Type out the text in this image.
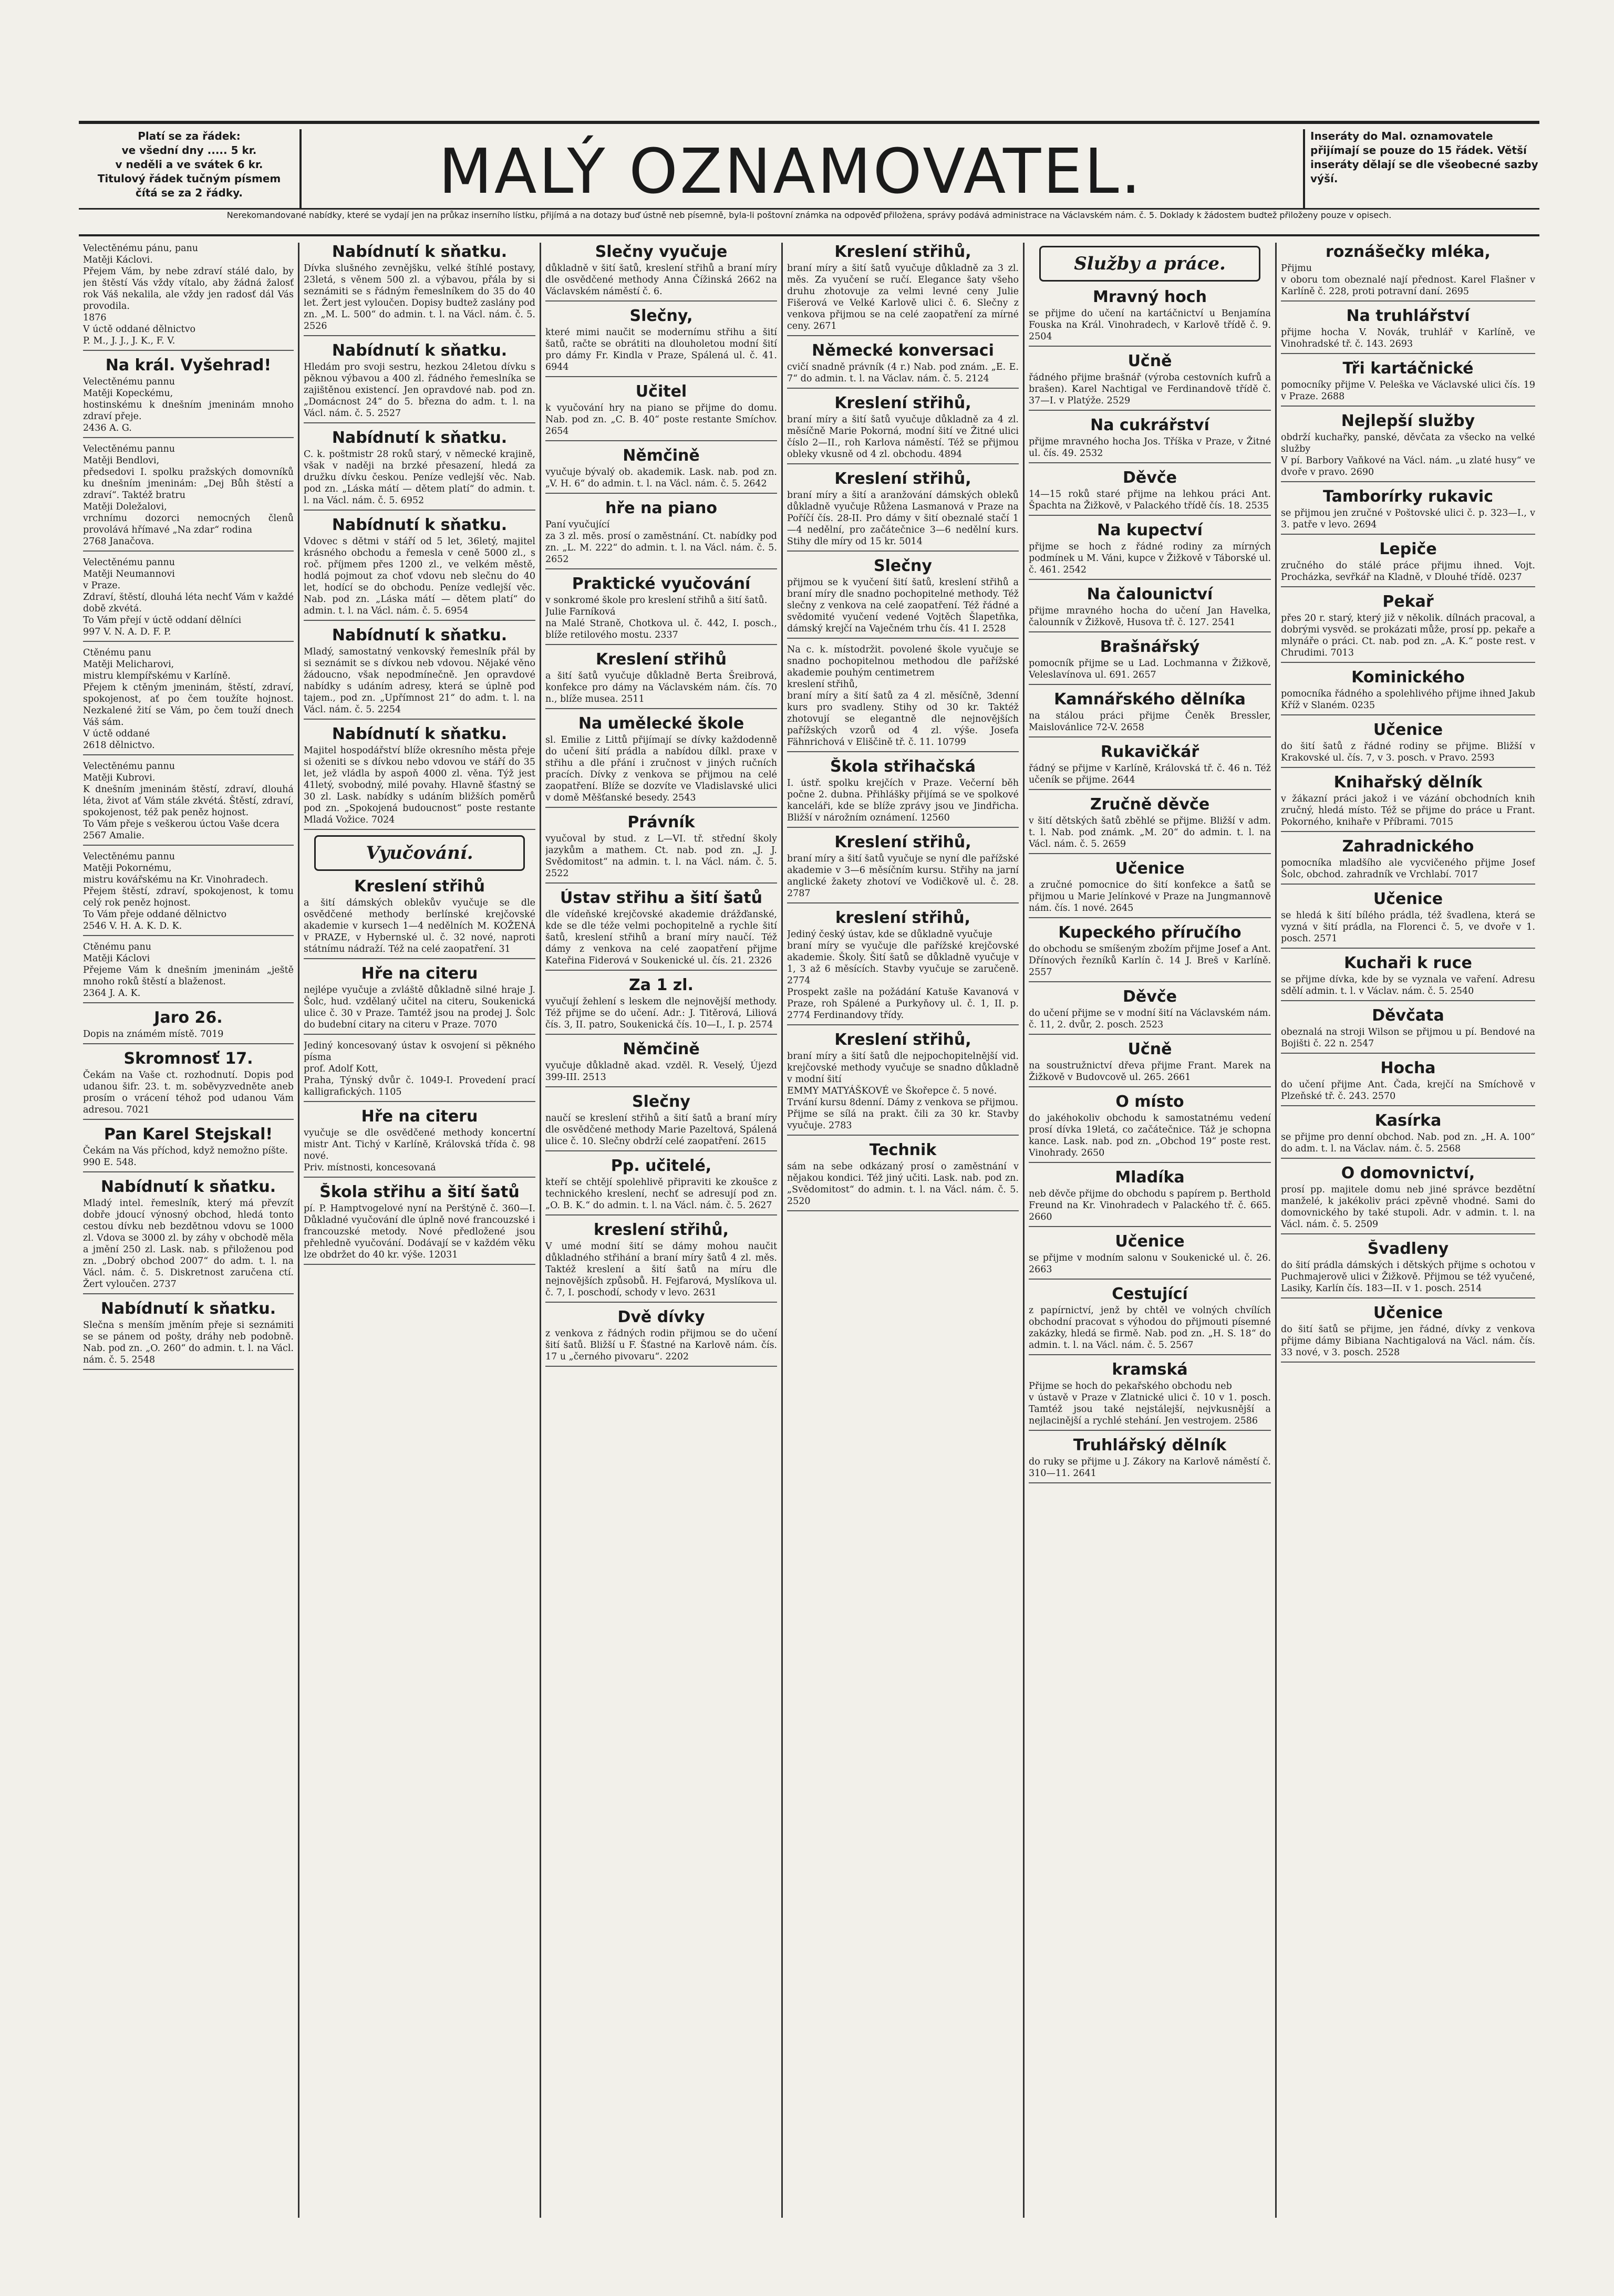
Platí se za řádek:
ve všední dny ..... 5 kr.
v neděli a ve svátek 6 kr.
Titulový řádek tučným písmem
čítá se za 2 řádky.	MALÝ OZNAMOVATEL.	Inseráty do Mal. oznamovatele přijímají se pouze do 15 řádek. Větší inseráty dělají se dle všeobecné sazby výší.
Nerekomandované nabídky, které se vydají jen na průkaz inserního lístku, přijímá a na dotazy buď ústně neb písemně, byla-li poštovní známka na odpověď přiložena, správy podává administrace na Václavském nám. č. 5. Doklady k žádostem budtež přiloženy pouze v opisech.
Velectěnému pánu, panu
Matěji Káclovi.
Přejem Vám, by nebe zdraví stálé dalo, by jen štěstí Vás vždy vítalo, aby žádná žalosť rok Váš nekalila, ale vždy jen radosť dál Vás provodila.
1876
V úctě oddané dělnictvo
P. M., J. J., J. K., F. V.
Na král. Vyšehrad!
Velectěnému pannu
Matěji Kopeckému,
hostinskému k dnešním jmeninám mnoho zdraví přeje.
2436 A. G.
Velectěnému pannu
Matěji Bendlovi,
předsedovi I. spolku pražských domovníků ku dnešním jmeninám: „Dej Bůh štěstí a zdraví“. Taktéž bratru
Matěji Doležalovi,
vrchnímu dozorci nemocných členů provolává hřímavé „Na zdar“ rodina
2768 Janačova.
Velectěnému pannu
Matěji Neumannovi
v Praze.
Zdraví, štěstí, dlouhá léta nechť Vám v každé době zkvétá.
To Vám přejí v úctě oddaní dělníci
997 V. N. A. D. F. P.
Ctěnému panu
Matěji Melicharovi,
mistru klempířskému v Karlíně.
Přejem k ctěným jmeninám, štěstí, zdraví, spokojenost, ať po čem toužíte hojnost. Nezkalené žití se Vám, po čem touží dnech Váš sám.
V úctě oddané
2618 dělnictvo.
Velectěnému pannu
Matěji Kubrovi.
K dnešním jmeninám štěstí, zdraví, dlouhá léta, život ať Vám stále zkvétá. Štěstí, zdraví, spokojenost, též pak peněz hojnost.
To Vám přeje s veškerou úctou Vaše dcera
2567 Amalie.
Velectěnému pannu
Matěji Pokornému,
mistru kovářskému na Kr. Vinohradech.
Přejem štěstí, zdraví, spokojenost, k tomu celý rok peněz hojnost.
To Vám přeje oddané dělnictvo
2546 V. H. A. K. D. K.
Ctěnému panu
Matěji Káclovi
Přejeme Vám k dnešním jmeninám „ještě mnoho roků štěstí a blaženost.
2364 J. A. K.
Jaro 26.
Dopis na známém místě. 7019
Skromnosť 17.
Čekám na Vaše ct. rozhodnutí. Dopis pod udanou šifr. 23. t. m. soběvyzvedněte aneb prosím o vrácení téhož pod udanou Vám adresou. 7021
Pan Karel Stejskal!
Čekám na Vás příchod, když nemožno píšte.
990 E. 548.
Nabídnutí k sňatku.
Mladý intel. řemeslník, který má převzít dobře jdoucí výnosný obchod, hledá tonto cestou dívku neb bezdětnou vdovu se 1000 zl. Vdova se 3000 zl. by záhy v obchodě měla a jmění 250 zl. Lask. nab. s přiloženou pod zn. „Dobrý obchod 2007“ do adm. t. l. na Václ. nám. č. 5. Diskretnost zaručena ctí. Žert vyloučen. 2737
Nabídnutí k sňatku.
Slečna s menším jměním přeje si seznámiti se se pánem od pošty, dráhy neb podobně. Nab. pod zn. „O. 260“ do admin. t. l. na Václ. nám. č. 5. 2548
Nabídnutí k sňatku.
Dívka slušného zevnějšku, velké štíhlé postavy, 23letá, s věnem 500 zl. a výbavou, přála by si seznámiti se s řádným řemeslníkem do 35 do 40 let. Žert jest vyloučen. Dopisy budtež zaslány pod zn. „M. L. 500“ do admin. t. l. na Václ. nám. č. 5. 2526
Nabídnutí k sňatku.
Hledám pro svoji sestru, hezkou 24letou dívku s pěknou výbavou a 400 zl. řádného řemeslníka se zajištěnou existencí. Jen opravdové nab. pod zn. „Domácnost 24“ do 5. března do adm. t. l. na Václ. nám. č. 5. 2527
Nabídnutí k sňatku.
C. k. poštmistr 28 roků starý, v německé krajině, však v naději na brzké přesazení, hledá za družku dívku českou. Peníze vedlejší věc. Nab. pod zn. „Láska mátí — dětem platí“ do admin. t. l. na Václ. nám. č. 5. 6952
Nabídnutí k sňatku.
Vdovec s dětmi v stáří od 5 let, 36letý, majitel krásného obchodu a řemesla v ceně 5000 zl., s roč. příjmem přes 1200 zl., ve velkém městě, hodlá pojmout za choť vdovu neb slečnu do 40 let, hodící se do obchodu. Peníze vedlejší věc. Nab. pod zn. „Láska mátí — dětem platí“ do admin. t. l. na Václ. nám. č. 5. 6954
Nabídnutí k sňatku.
Mladý, samostatný venkovský řemeslník přál by si seznámit se s dívkou neb vdovou. Nějaké věno žádoucno, však nepodmínečně. Jen opravdové nabídky s udáním adresy, která se úplně pod tajem., pod zn. „Upřímnost 21“ do adm. t. l. na Václ. nám. č. 5. 2254
Nabídnutí k sňatku.
Majitel hospodářství blíže okresního města přeje si oženiti se s dívkou nebo vdovou ve stáří do 35 let, jež vládla by aspoň 4000 zl. věna. Týž jest 41letý, svobodný, milé povahy. Hlavně šťastný se 30 zl. Lask. nabídky s udáním bližších poměrů pod zn. „Spokojená budoucnost“ poste restante Mladá Vožice. 7024
Vyučování.
Kreslení střihů
a šití dámských oblekův vyučuje se dle osvědčené methody berlínské krejčovské akademie v kursech 1—4 nedělních M. KOŽENÁ v PRAZE, v Hybernské ul. č. 32 nové, naproti státnímu nádraží. Též na celé zaopatření. 31
Hře na citeru
nejlépe vyučuje a zvláště důkladně silné hraje J. Šolc, hud. vzdělaný učitel na citeru, Soukenická ulice č. 30 v Praze. Tamtéž jsou na prodej J. Šolc do budební citary na citeru v Praze. 7070
Jediný koncesovaný ústav k osvojení si pěkného písma
prof. Adolf Kott,
Praha, Týnský dvůr č. 1049-I. Provedení prací kalligrafických. 1105
Hře na citeru
vyučuje se dle osvědčené methody koncertní mistr Ant. Tichý v Karlíně, Královská třída č. 98 nové.
Priv. místnosti, koncesovaná
Škola střihu a šití šatů
pí. P. Hamptvogelové nyní na Perštýně č. 360—I. Důkladné vyučování dle úplně nové francouzské i francouzské metody. Nové předložené jsou přehledně vyučování. Dodávají se v každém věku lze obdržet do 40 kr. výše. 12031
Slečny vyučuje
důkladně v šití šatů, kreslení střihů a braní míry dle osvědčené methody Anna Čížinská 2662 na Václavském náměstí č. 6.
Slečny,
které mimi naučit se modernímu střihu a šití šatů, račte se obrátiti na dlouholetou modní šití pro dámy Fr. Kindla v Praze, Spálená ul. č. 41. 6944
Učitel
k vyučování hry na piano se přijme do domu. Nab. pod zn. „C. B. 40“ poste restante Smíchov. 2654
Němčině
vyučuje bývalý ob. akademik. Lask. nab. pod zn. „V. H. 6“ do admin. t. l. na Václ. nám. č. 5. 2642
hře na piano
Paní vyučující
za 3 zl. měs. prosí o zaměstnání. Ct. nabídky pod zn. „L. M. 222“ do admin. t. l. na Václ. nám. č. 5. 2652
Praktické vyučování
v sonkromé škole pro kreslení střihů a šití šatů.
Julie Farníková
na Malé Straně, Chotkova ul. č. 442, I. posch., blíže retilového mostu. 2337
Kreslení střihů
a šití šatů vyučuje důkladně Berta Šreibrová, konfekce pro dámy na Václavském nám. čís. 70 n., blíže musea. 2511
Na umělecké škole
sl. Emilie z Littů přijímají se dívky každodenně do učení šití prádla a nabídou dílkl. praxe v střihu a dle přání i zručnost v jiných ručních pracích. Dívky z venkova se přijmou na celé zaopatření. Blíže se dozvíte ve Vladislavské ulici v domě Měšťanské besedy. 2543
Právník
vyučoval by stud. z L—VI. tř. střední školy jazykům a mathem. Ct. nab. pod zn. „J. J. Svědomitost“ na admin. t. l. na Václ. nám. č. 5. 2522
Ústav střihu a šití šatů
dle vídeňské krejčovské akademie drážďanské, kde se dle téže velmi pochopitelně a rychle šití šatů, kreslení střihů a braní míry naučí. Též dámy z venkova na celé zaopatření přijme Kateřina Fiderová v Soukenické ul. čís. 21. 2326
Za 1 zl.
vyučují žehlení s leskem dle nejnovější methody. Též přijme se do učení. Adr.: J. Titěrová, Liliová čís. 3, II. patro, Soukenická čís. 10—I., I. p. 2574
Němčině
vyučuje důkladně akad. vzděl. R. Veselý, Újezd 399-III. 2513
Slečny
naučí se kreslení střihů a šití šatů a braní míry dle osvědčené methody Marie Pazeltová, Spálená ulice č. 10. Slečny obdrží celé zaopatření. 2615
Pp. učitelé,
kteří se chtějí spolehlivě připraviti ke zkoušce z technického kreslení, nechť se adresují pod zn. „O. B. K.“ do admin. t. l. na Václ. nám. č. 5. 2627
kreslení střihů,
V umé modní šití se dámy mohou naučit důkladného střihání a braní míry šatů 4 zl. měs. Taktéž kreslení a šití šatů na míru dle nejnovějších způsobů. H. Fejfarová, Myslíkova ul. č. 7, I. poschodí, schody v levo. 2631
Dvě dívky
z venkova z řádných rodin přijmou se do učení šití šatů. Bližší u F. Šťastné na Karlově nám. čís. 17 u „černého pivovaru“. 2202
Kreslení střihů,
braní míry a šití šatů vyučuje důkladně za 3 zl. měs. Za vyučení se ručí. Elegance šaty všeho druhu zhotovuje za velmi levné ceny Julie Fišerová ve Velké Karlově ulici č. 6. Slečny z venkova přijmou se na celé zaopatření za mírné ceny. 2671
Německé konversaci
cvičí snadně právník (4 r.) Nab. pod znám. „E. E. 7“ do admin. t. l. na Václav. nám. č. 5. 2124
Kreslení střihů,
braní míry a šití šatů vyučuje důkladně za 4 zl. měsíčně Marie Pokorná, modní šití ve Žitné ulici číslo 2—II., roh Karlova náměstí. Též se přijmou obleky vkusně od 4 zl. obchodu. 4894
Kreslení střihů,
braní míry a šití a aranžování dámských obleků důkladně vyučuje Růžena Lasmanová v Praze na Poříčí čís. 28-II. Pro dámy v šití obeznalé stačí 1—4 nedělní, pro začátečnice 3—6 nedělní kurs. Stihy dle míry od 15 kr. 5014
Slečny
přijmou se k vyučení šití šatů, kreslení střihů a braní míry dle snadno pochopitelné methody. Též slečny z venkova na celé zaopatření. Též řádné a svědomité vyučení vedené Vojtěch Šlapetňka, dámský krejčí na Vaječném trhu čís. 41 I. 2528
Na c. k. místodržit. povolené škole vyučuje se snadno pochopitelnou methodou dle pařížské akademie pouhým centimetrem
kreslení střihů,
braní míry a šití šatů za 4 zl. měsíčně, 3denní kurs pro svadleny. Stihy od 30 kr. Taktéž zhotovují se elegantně dle nejnovějších pařížských vzorů od 4 zl. výše. Josefa Fähnrichová v Eliščině tř. č. 11. 10799
Škola střihačská
I. ústř. spolku krejčích v Praze. Večerní běh počne 2. dubna. Přihlášky přijímá se ve spolkové kanceláři, kde se blíže zprávy jsou ve Jindřicha. Bližší v nárožním oznámení. 12560
Kreslení střihů,
braní míry a šití šatů vyučuje se nyní dle pařížské akademie v 3—6 měsíčním kursu. Střihy na jarní anglické žakety zhotoví ve Vodičkově ul. č. 28. 2787
kreslení střihů,
Jediný český ústav, kde se důkladně vyučuje
braní míry se vyučuje dle pařížské krejčovské akademie. Školy. Šití šatů se důkladně vyučuje v 1, 3 až 6 měsících. Stavby vyučuje se zaručeně. 2774
Prospekt zašle na požádání Katuše Kavanová v Praze, roh Spálené a Purkyňovy ul. č. 1, II. p. 2774 Ferdinandovy třídy.
Kreslení střihů,
braní míry a šití šatů dle nejpochopitelnější vid. krejčovské methody vyučuje se snadno důkladně v modní šití
EMMY MATYÁŠKOVÉ ve Škořepce č. 5 nové.
Trvání kursu 8denní. Dámy z venkova se přijmou.
Přijme se sílá na prakt. čili za 30 kr. Stavby vyučuje. 2783
Technik
sám na sebe odkázaný prosí o zaměstnání v nějakou kondici. Též jiný učiti. Lask. nab. pod zn. „Svědomitost“ do admin. t. l. na Václ. nám. č. 5. 2520
Služby a práce.
Mravný hoch
se přijme do učení na kartáčnictví u Benjamína Fouska na Král. Vinohradech, v Karlově třídě č. 9. 2504
Učně
řádného přijme brašnář (výroba cestovních kufrů a brašen). Karel Nachtigal ve Ferdinandově třídě č. 37—I. v Platýže. 2529
Na cukrářství
přijme mravného hocha Jos. Tříška v Praze, v Žitné ul. čís. 49. 2532
Děvče
14—15 roků staré přijme na lehkou práci Ant. Špachta na Žižkově, v Palackého třídě čís. 18. 2535
Na kupectví
přijme se hoch z řádné rodiny za mírných podmínek u M. Váni, kupce v Žižkově v Táborské ul. č. 461. 2542
Na čalounictví
přijme mravného hocha do učení Jan Havelka, čalounník v Žižkově, Husova tř. č. 127. 2541
Brašnářský
pomocník přijme se u Lad. Lochmanna v Žižkově, Veleslavínova ul. 691. 2657
Kamnářského dělníka
na stálou práci přijme Čeněk Bressler, Maislovánlice 72-V. 2658
Rukavičkář
řádný se přijme v Karlíně, Královská tř. č. 46 n. Též učeník se přijme. 2644
Zručně děvče
v šití dětských šatů zběhlé se přijme. Bližší v adm. t. l. Nab. pod známk. „M. 20“ do admin. t. l. na Václ. nám. č. 5. 2659
Učenice
a zručné pomocnice do šití konfekce a šatů se přijmou u Marie Jelínkové v Praze na Jungmannově nám. čís. 1 nové. 2645
Kupeckého příručího
do obchodu se smíšeným zbožím přijme Josef a Ant. Dřínových řezníků Karlín č. 14 J. Breš v Karlíně. 2557
Děvče
do učení přijme se v modní šití na Václavském nám. č. 11, 2. dvůr, 2. posch. 2523
Učně
na soustružnictví dřeva přijme Frant. Marek na Žižkově v Budovcově ul. 265. 2661
O místo
do jakéhokoliv obchodu k samostatnému vedení prosí dívka 19letá, co začátečnice. Táž je schopna kance. Lask. nab. pod zn. „Obchod 19“ poste rest. Vinohrady. 2650
Mladíka
neb děvče přijme do obchodu s papírem p. Berthold Freund na Kr. Vinohradech v Palackého tř. č. 665. 2660
Učenice
se přijme v modním salonu v Soukenické ul. č. 26. 2663
Cestující
z papírnictví, jenž by chtěl ve volných chvílích obchodní pracovat s výhodou do přijmouti písemné zakázky, hledá se firmě. Nab. pod zn. „H. S. 18“ do admin. t. l. na Václ. nám. č. 5. 2567
kramská
Přijme se hoch do pekařského obchodu neb
v ústavě v Praze v Zlatnické ulici č. 10 v 1. posch. Tamtéž jsou také nejstálejší, nejvkusnější a nejlacinější a rychlé stehání. Jen vestrojem. 2586
Truhlářský dělník
do ruky se přijme u J. Zákory na Karlově náměstí č. 310—11. 2641
roznášečky mléka,
Přijmu
v oboru tom obeznalé nají přednost. Karel Flašner v Karlíně č. 228, proti potravní daní. 2695
Na truhlářství
přijme hocha V. Novák, truhlář v Karlíně, ve Vinohradské tř. č. 143. 2693
Tři kartáčnické
pomocníky přijme V. Peleška ve Václavské ulici čís. 19 v Praze. 2688
Nejlepší služby
obdrží kuchařky, panské, děvčata za všecko na velké služby
V pí. Barbory Vaňkové na Václ. nám. „u zlaté husy“ ve dvoře v pravo. 2690
Tamborírky rukavic
se přijmou jen zručné v Poštovské ulici č. p. 323—I., v 3. patře v levo. 2694
Lepiče
zručného do stálé práce přijmu ihned. Vojt. Procházka, sevřkář na Kladně, v Dlouhé třídě. 0237
Pekař
přes 20 r. starý, který již v několik. dílnách pracoval, a dobrými vysvěd. se prokázati může, prosí pp. pekaře a mlynáře o práci. Ct. nab. pod zn. „A. K.“ poste rest. v Chrudimi. 7013
Kominického
pomocníka řádného a spolehlivého přijme ihned Jakub Kříž v Slaném. 0235
Učenice
do šití šatů z řádné rodiny se přijme. Bližší v Krakovské ul. čís. 7, v 3. posch. v Pravo. 2593
Knihařský dělník
v žákazní práci jakož i ve vázání obchodních knih zručný, hledá místo. Též se přijme do práce u Frant. Pokorného, knihaře v Příbrami. 7015
Zahradnického
pomocníka mladšího ale vycvičeného přijme Josef Šolc, obchod. zahradník ve Vrchlabí. 7017
Učenice
se hledá k šití bílého prádla, též švadlena, která se vyzná v šití prádla, na Florenci č. 5, ve dvoře v 1. posch. 2571
Kuchaři k ruce
se přijme dívka, kde by se vyznala ve vaření. Adresu sdělí admin. t. l. v Václav. nám. č. 5. 2540
Děvčata
obeznalá na stroji Wilson se přijmou u pí. Bendové na Bojišti č. 22 n. 2547
Hocha
do učení přijme Ant. Čada, krejčí na Smíchově v Plzeňské tř. č. 243. 2570
Kasírka
se přijme pro denní obchod. Nab. pod zn. „H. A. 100“ do adm. t. l. na Václav. nám. č. 5. 2568
O domovnictví,
prosí pp. majitele domu neb jiné správce bezdětní manželé, k jakékoliv práci zpěvně vhodné. Sami do domovnického by také stupoli. Adr. v admin. t. l. na Václ. nám. č. 5. 2509
Švadleny
do šití prádla dámských i dětských přijme s ochotou v Puchmajerově ulici v Žižkově. Přijmou se též vyučené, Lasiky, Karlín čís. 183—II. v 1. posch. 2514
Učenice
do šití šatů se přijme, jen řádné, dívky z venkova přijme dámy Bibiana Nachtigalová na Václ. nám. čís. 33 nové, v 3. posch. 2528
